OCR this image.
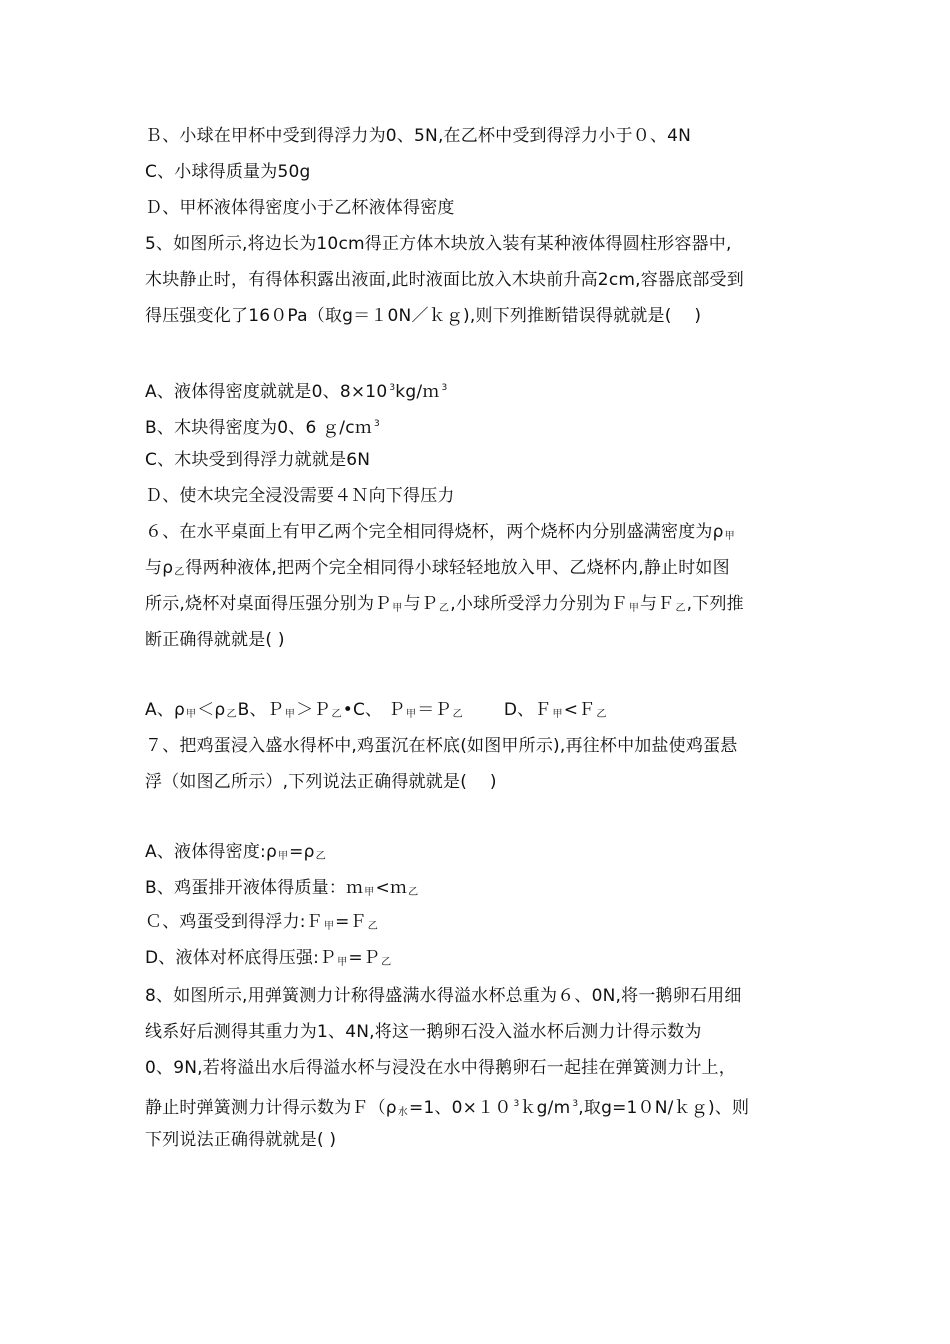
Ｂ、小球在甲杯中受到得浮力为0、5N,在乙杯中受到得浮力小于０、4N
C、小球得质量为50g
Ｄ、甲杯液体得密度小于乙杯液体得密度
5、如图所示,将边长为10cm得正方体木块放入装有某种液体得圆柱形容器中,
木块静止时，有得体积露出液面,此时液面比放入木块前升高2cm,容器底部受到
得压强变化了16０Pa（取g＝１0N／ｋｇ),则下列推断错误得就就是(　 )
A、液体得密度就就是0、8×10 $^3$kg/ｍ $^3$
B、木块得密度为0、6 ｇ/cｍ $^3$
C、木块受到得浮力就就是6N
Ｄ、使木块完全浸没需要４Ｎ向下得压力
６、在水平桌面上有甲乙两个完全相同得烧杯，两个烧杯内分别盛满密度为$\rho_甲$
与$\rho_乙$得两种液体,把两个完全相同得小球轻轻地放入甲、乙烧杯内,静止时如图
所示,烧杯对桌面得压强分别为Ｐ$_甲$与Ｐ$_乙$,小球所受浮力分别为Ｆ$_甲$与Ｆ$_乙$,下列推
断正确得就就是( )
A、$\rho_甲<\rho_乙B$、Ｐ$_甲$＞Ｐ$_乙$•C、 Ｐ$_甲$＝Ｐ$_乙$ D、Ｆ$_甲$<Ｆ$_乙$
７、把鸡蛋浸入盛水得杯中,鸡蛋沉在杯底(如图甲所示),再往杯中加盐使鸡蛋悬
浮（如图乙所示）,下列说法正确得就就是(　 )
A、液体得密度$:\rho_甲=\rho_乙$
B、鸡蛋排开液体得质量：ｍ$_甲$<ｍ$_乙$
Ｃ、鸡蛋受到得浮力:Ｆ$_甲$=Ｆ$_乙$
D、液体对杯底得压强:Ｐ$_甲$=Ｐ$_乙$
8、如图所示,用弹簧测力计称得盛满水得溢水杯总重为６、0N,将一鹅卵石用细
线系好后测得其重力为1、4N,将这一鹅卵石没入溢水杯后测力计得示数为
0、9N,若将溢出水后得溢水杯与浸没在水中得鹅卵石一起挂在弹簧测力计上，
静止时弹簧测力计得示数为$F(\rho_水=1$、0×１０ $^3$ｋg/m $^3$,取g=1０N/ｋｇ)、则
下列说法正确得就就是( )
